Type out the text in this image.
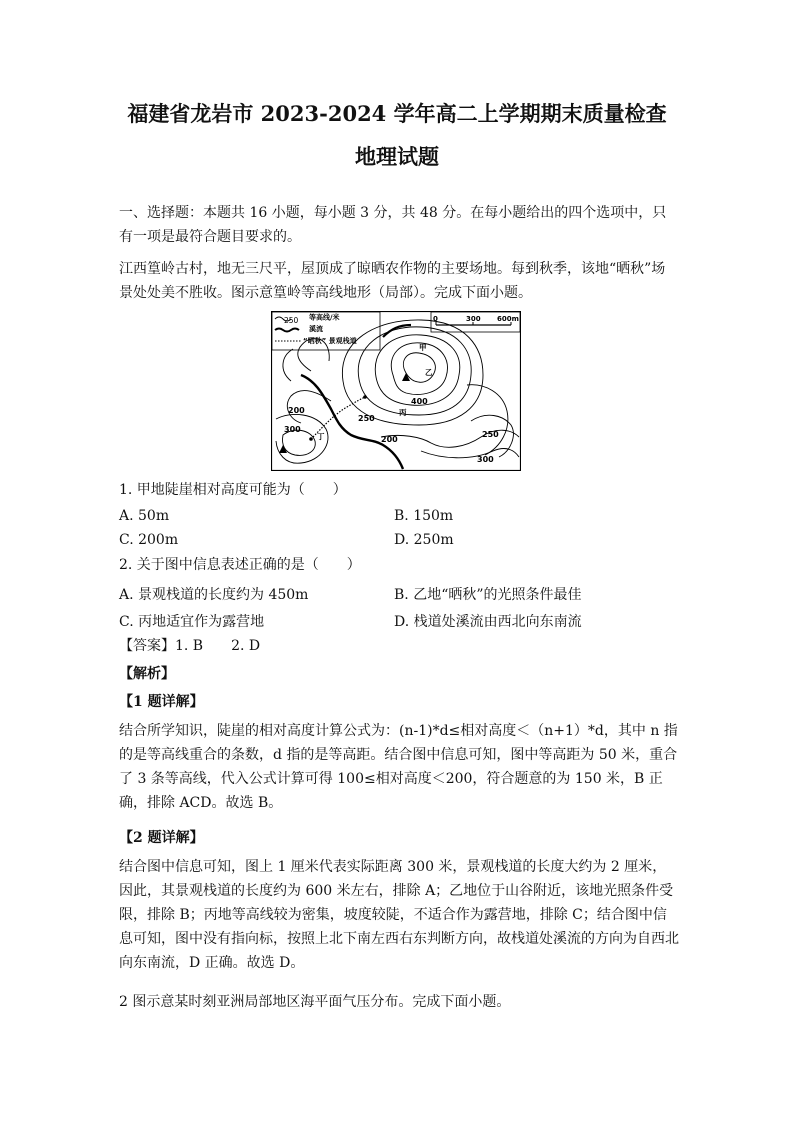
福建省龙岩市 2023-2024 学年高二上学期期末质量检查
地理试题

一、选择题：本题共 16 小题，每小题 3 分，共 48 分。在每小题给出的四个选项中，只有一项是最符合题目要求的。

江西篁岭古村，地无三尺平，屋顶成了晾晒农作物的主要场地。每到秋季，该地“晒秋”场景处处美不胜收。图示意篁岭等高线地形（局部）。完成下面小题。

250 等高线/米
溪流
“晒秋” 景观栈道
0	300 600m
甲
乙
丙
丁
400
250
200
300
200
250
300

1. 甲地陡崖相对高度可能为（　　）

A. 50m	B. 150m
C. 200m	D. 250m

2. 关于图中信息表述正确的是（　　）

A. 景观栈道的长度约为 450m	B. 乙地“晒秋”的光照条件最佳
C. 丙地适宜作为露营地	D. 栈道处溪流由西北向东南流

【答案】1. B　　2. D

【解析】

【1 题详解】

结合所学知识，陡崖的相对高度计算公式为：(n-1)*d≤相对高度＜（n+1）*d，其中 n 指的是等高线重合的条数，d 指的是等高距。结合图中信息可知，图中等高距为 50 米，重合了 3 条等高线，代入公式计算可得 100≤相对高度＜200，符合题意的为 150 米，B 正确，排除 ACD。故选 B。

【2 题详解】

结合图中信息可知，图上 1 厘米代表实际距离 300 米，景观栈道的长度大约为 2 厘米，因此，其景观栈道的长度约为 600 米左右，排除 A；乙地位于山谷附近，该地光照条件受限，排除 B；丙地等高线较为密集，坡度较陡，不适合作为露营地，排除 C；结合图中信息可知，图中没有指向标，按照上北下南左西右东判断方向，故栈道处溪流的方向为自西北向东南流，D 正确。故选 D。

2 图示意某时刻亚洲局部地区海平面气压分布。完成下面小题。
